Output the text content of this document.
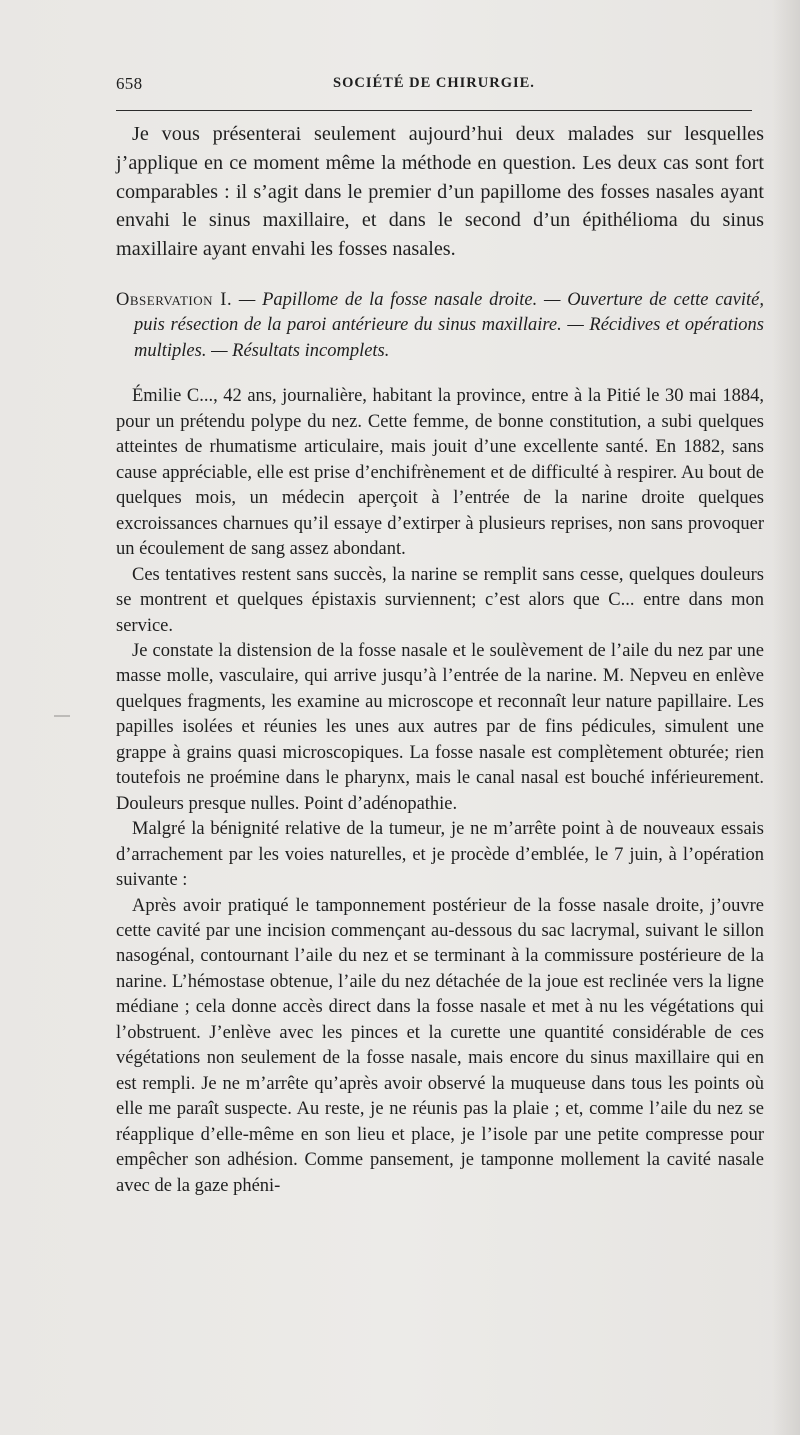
658	SOCIÉTÉ DE CHIRURGIE.

Je vous présenterai seulement aujourd’hui deux malades sur lesquelles j’applique en ce moment même la méthode en question. Les deux cas sont fort comparables : il s’agit dans le premier d’un papillome des fosses nasales ayant envahi le sinus maxillaire, et dans le second d’un épithélioma du sinus maxillaire ayant envahi les fosses nasales.

Observation I. — Papillome de la fosse nasale droite. — Ouverture de cette cavité, puis résection de la paroi antérieure du sinus maxillaire. — Récidives et opérations multiples. — Résultats incomplets.

Émilie C..., 42 ans, journalière, habitant la province, entre à la Pitié le 30 mai 1884, pour un prétendu polype du nez. Cette femme, de bonne constitution, a subi quelques atteintes de rhumatisme articulaire, mais jouit d’une excellente santé. En 1882, sans cause appréciable, elle est prise d’enchifrènement et de difficulté à respirer. Au bout de quelques mois, un médecin aperçoit à l’entrée de la narine droite quelques excroissances charnues qu’il essaye d’extirper à plusieurs reprises, non sans provoquer un écoulement de sang assez abondant.

Ces tentatives restent sans succès, la narine se remplit sans cesse, quelques douleurs se montrent et quelques épistaxis surviennent; c’est alors que C... entre dans mon service.

Je constate la distension de la fosse nasale et le soulèvement de l’aile du nez par une masse molle, vasculaire, qui arrive jusqu’à l’entrée de la narine. M. Nepveu en enlève quelques fragments, les examine au microscope et reconnaît leur nature papillaire. Les papilles isolées et réunies les unes aux autres par de fins pédicules, simulent une grappe à grains quasi microscopiques. La fosse nasale est complètement obturée; rien toutefois ne proémine dans le pharynx, mais le canal nasal est bouché inférieurement. Douleurs presque nulles. Point d’adénopathie.

Malgré la bénignité relative de la tumeur, je ne m’arrête point à de nouveaux essais d’arrachement par les voies naturelles, et je procède d’emblée, le 7 juin, à l’opération suivante :

Après avoir pratiqué le tamponnement postérieur de la fosse nasale droite, j’ouvre cette cavité par une incision commençant au-dessous du sac lacrymal, suivant le sillon nasogénal, contournant l’aile du nez et se terminant à la commissure postérieure de la narine. L’hémostase obtenue, l’aile du nez détachée de la joue est reclinée vers la ligne médiane ; cela donne accès direct dans la fosse nasale et met à nu les végétations qui l’obstruent. J’enlève avec les pinces et la curette une quantité considérable de ces végétations non seulement de la fosse nasale, mais encore du sinus maxillaire qui en est rempli. Je ne m’arrête qu’après avoir observé la muqueuse dans tous les points où elle me paraît suspecte. Au reste, je ne réunis pas la plaie ; et, comme l’aile du nez se réapplique d’elle-même en son lieu et place, je l’isole par une petite compresse pour empêcher son adhésion. Comme pansement, je tamponne mollement la cavité nasale avec de la gaze phéni-
